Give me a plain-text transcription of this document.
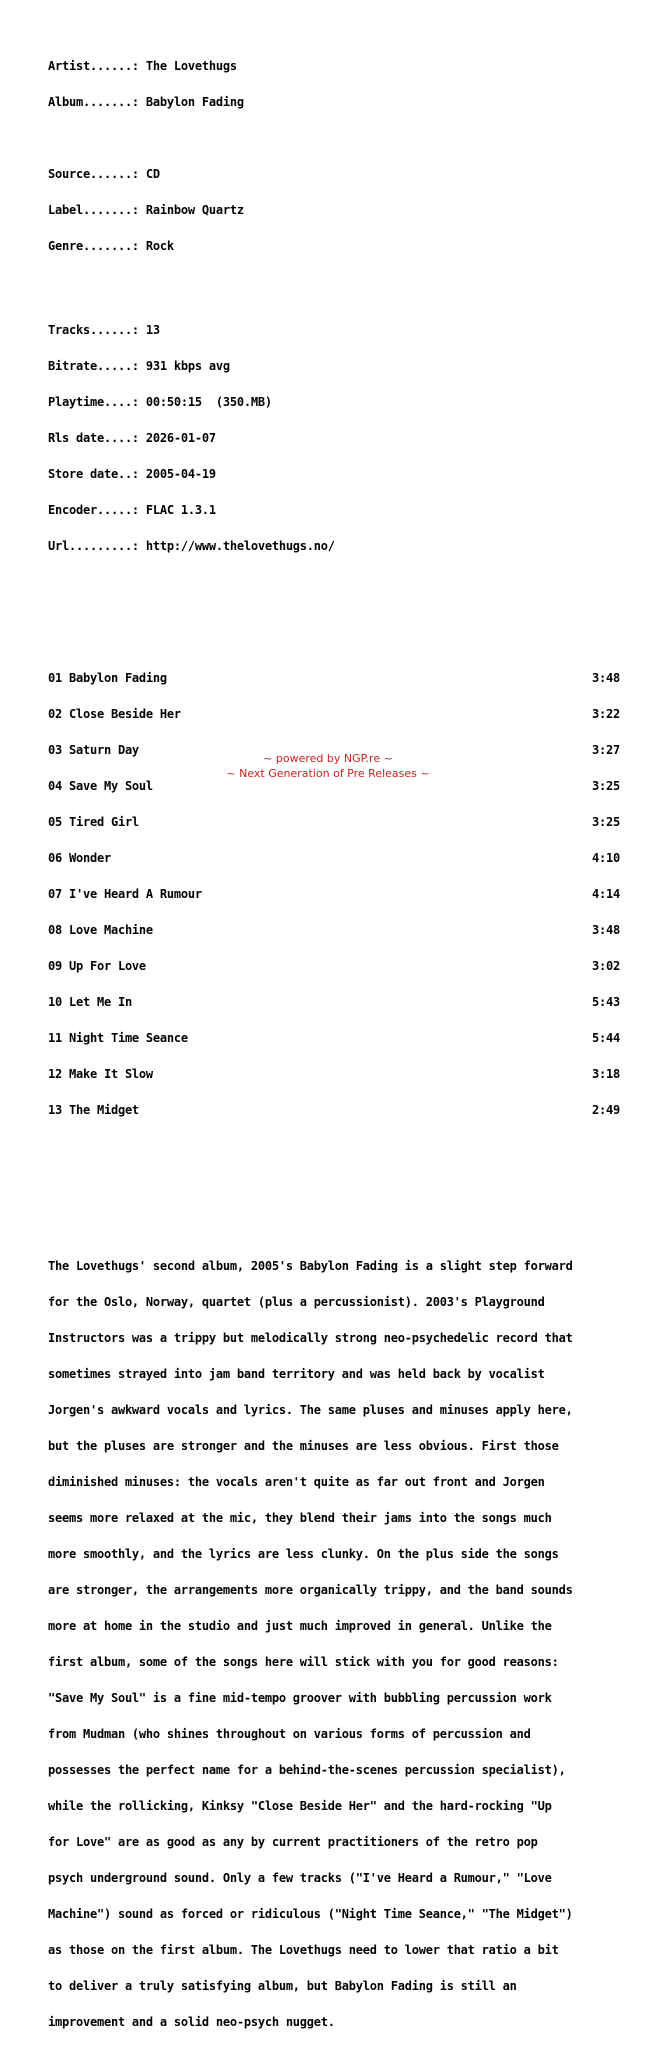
Artist......: The Lovethugs

Album.......: Babylon Fading

Source......: CD

Label.......: Rainbow Quartz

Genre.......: Rock

Tracks......: 13

Bitrate.....: 931 kbps avg

Playtime....: 00:50:15  (350.MB)

Rls date....: 2026-01-07

Store date..: 2005-04-19

Encoder.....: FLAC 1.3.1

Url.........: http://www.thelovethugs.no/

01 Babylon Fading	3:48

02 Close Beside Her	3:22

03 Saturn Day	3:27

04 Save My Soul	3:25

05 Tired Girl	3:25

06 Wonder	4:10

07 I've Heard A Rumour	4:14

08 Love Machine	3:48

09 Up For Love	3:02

10 Let Me In	5:43

11 Night Time Seance	5:44

12 Make It Slow	3:18

13 The Midget	2:49

The Lovethugs' second album, 2005's Babylon Fading is a slight step forward

for the Oslo, Norway, quartet (plus a percussionist). 2003's Playground

Instructors was a trippy but melodically strong neo-psychedelic record that

sometimes strayed into jam band territory and was held back by vocalist

Jorgen's awkward vocals and lyrics. The same pluses and minuses apply here,

but the pluses are stronger and the minuses are less obvious. First those

diminished minuses: the vocals aren't quite as far out front and Jorgen

seems more relaxed at the mic, they blend their jams into the songs much

more smoothly, and the lyrics are less clunky. On the plus side the songs

are stronger, the arrangements more organically trippy, and the band sounds

more at home in the studio and just much improved in general. Unlike the

first album, some of the songs here will stick with you for good reasons:

"Save My Soul" is a fine mid-tempo groover with bubbling percussion work

from Mudman (who shines throughout on various forms of percussion and

possesses the perfect name for a behind-the-scenes percussion specialist),

while the rollicking, Kinksy "Close Beside Her" and the hard-rocking "Up

for Love" are as good as any by current practitioners of the retro pop

psych underground sound. Only a few tracks ("I've Heard a Rumour," "Love

Machine") sound as forced or ridiculous ("Night Time Seance," "The Midget")

as those on the first album. The Lovethugs need to lower that ratio a bit

to deliver a truly satisfying album, but Babylon Fading is still an

improvement and a solid neo-psych nugget.

~ powered by NGP.re ~
~ Next Generation of Pre Releases ~
